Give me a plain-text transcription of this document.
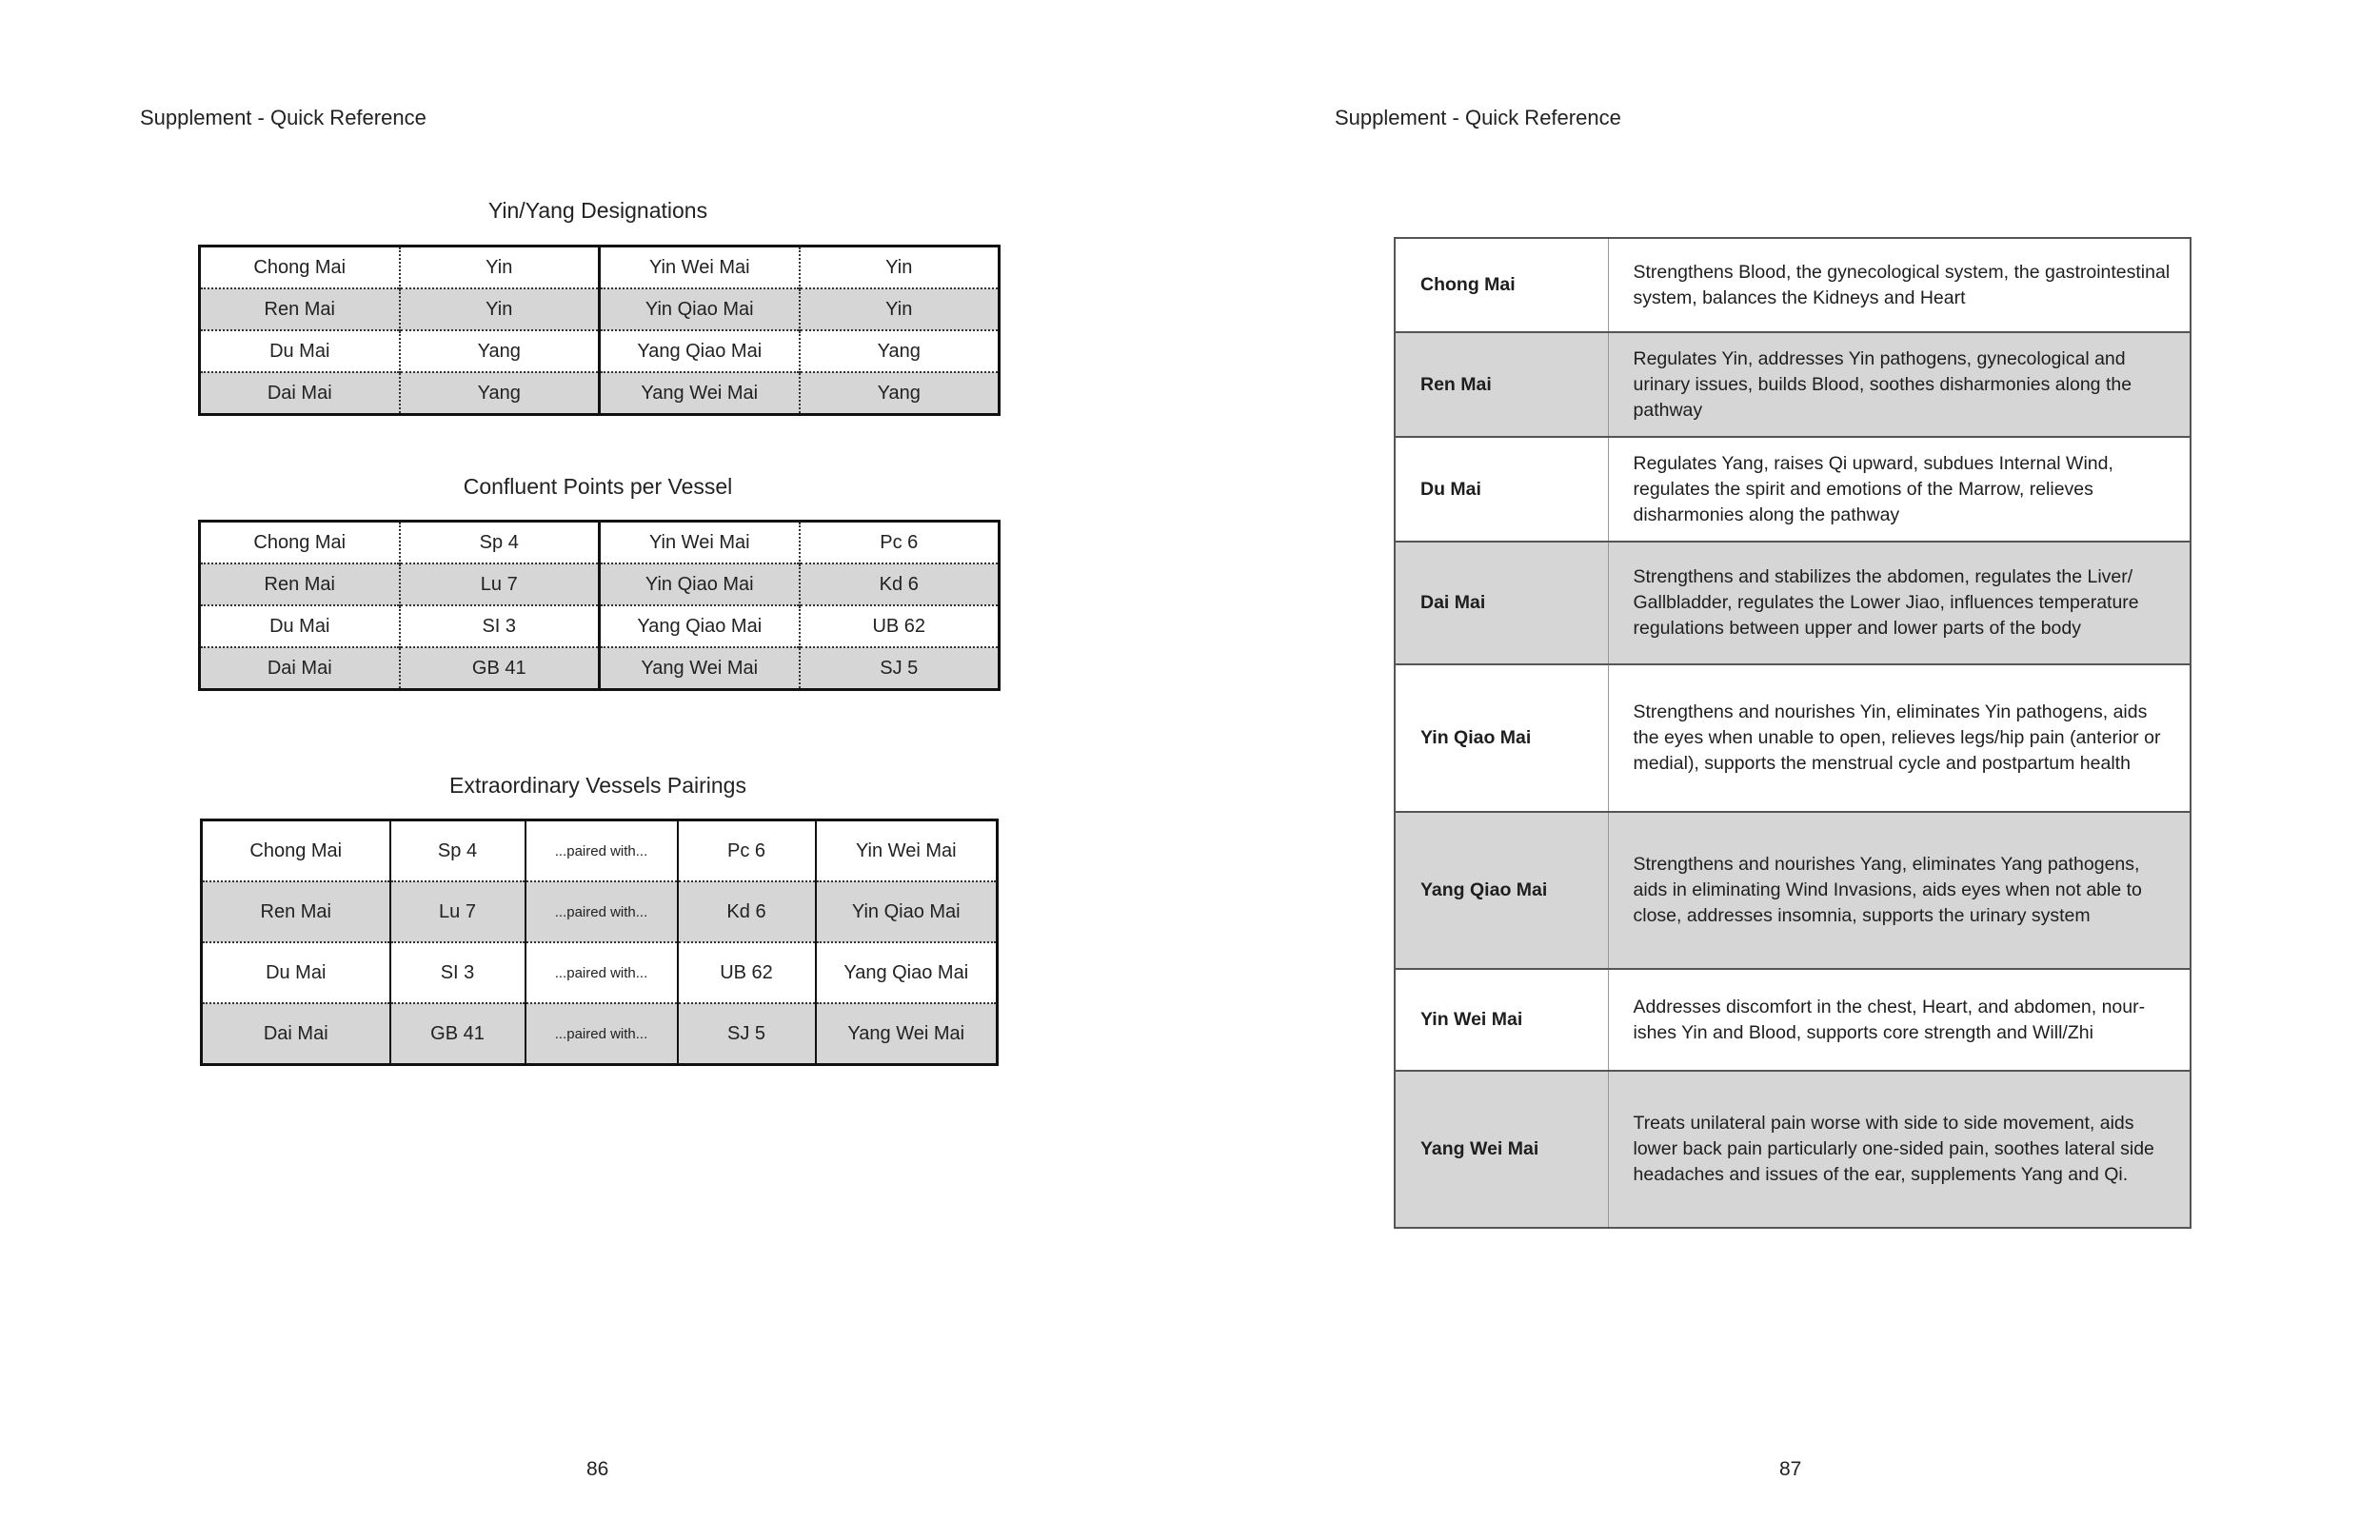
Supplement - Quick Reference
Yin/Yang Designations
Chong Mai	Yin	Yin Wei Mai	Yin
Ren Mai	Yin	Yin Qiao Mai	Yin
Du Mai	Yang	Yang Qiao Mai	Yang
Dai Mai	Yang	Yang Wei Mai	Yang
Confluent Points per Vessel
Chong Mai	Sp 4	Yin Wei Mai	Pc 6
Ren Mai	Lu 7	Yin Qiao Mai	Kd 6
Du Mai	SI 3	Yang Qiao Mai	UB 62
Dai Mai	GB 41	Yang Wei Mai	SJ 5
Extraordinary Vessels Pairings
Chong Mai	Sp 4	...paired with...	Pc 6	Yin Wei Mai
Ren Mai	Lu 7	...paired with...	Kd 6	Yin Qiao Mai
Du Mai	SI 3	...paired with...	UB 62	Yang Qiao Mai
Dai Mai	GB 41	...paired with...	SJ 5	Yang Wei Mai
86
Supplement - Quick Reference
Chong Mai	Strengthens Blood, the gynecological system, the gastrointestinal system, balances the Kidneys and Heart
Ren Mai	Regulates Yin, addresses Yin pathogens, gynecological and urinary issues, builds Blood, soothes disharmonies along the pathway
Du Mai	Regulates Yang, raises Qi upward, subdues Internal Wind, regulates the spirit and emotions of the Marrow, relieves disharmonies along the pathway
Dai Mai	Strengthens and stabilizes the abdomen, regulates the Liver/ Gallbladder, regulates the Lower Jiao, influences temperature regulations between upper and lower parts of the body
Yin Qiao Mai	Strengthens and nourishes Yin, eliminates Yin pathogens, aids the eyes when unable to open, relieves legs/hip pain (anterior or medial), supports the menstrual cycle and postpartum health
Yang Qiao Mai	Strengthens and nourishes Yang, eliminates Yang pathogens, aids in eliminating Wind Invasions, aids eyes when not able to close, addresses insomnia, supports the urinary system
Yin Wei Mai	Addresses discomfort in the chest, Heart, and abdomen, nour-ishes Yin and Blood, supports core strength and Will/Zhi
Yang Wei Mai	Treats unilateral pain worse with side to side movement, aids lower back pain particularly one-sided pain, soothes lateral side headaches and issues of the ear, supplements Yang and Qi.
87
